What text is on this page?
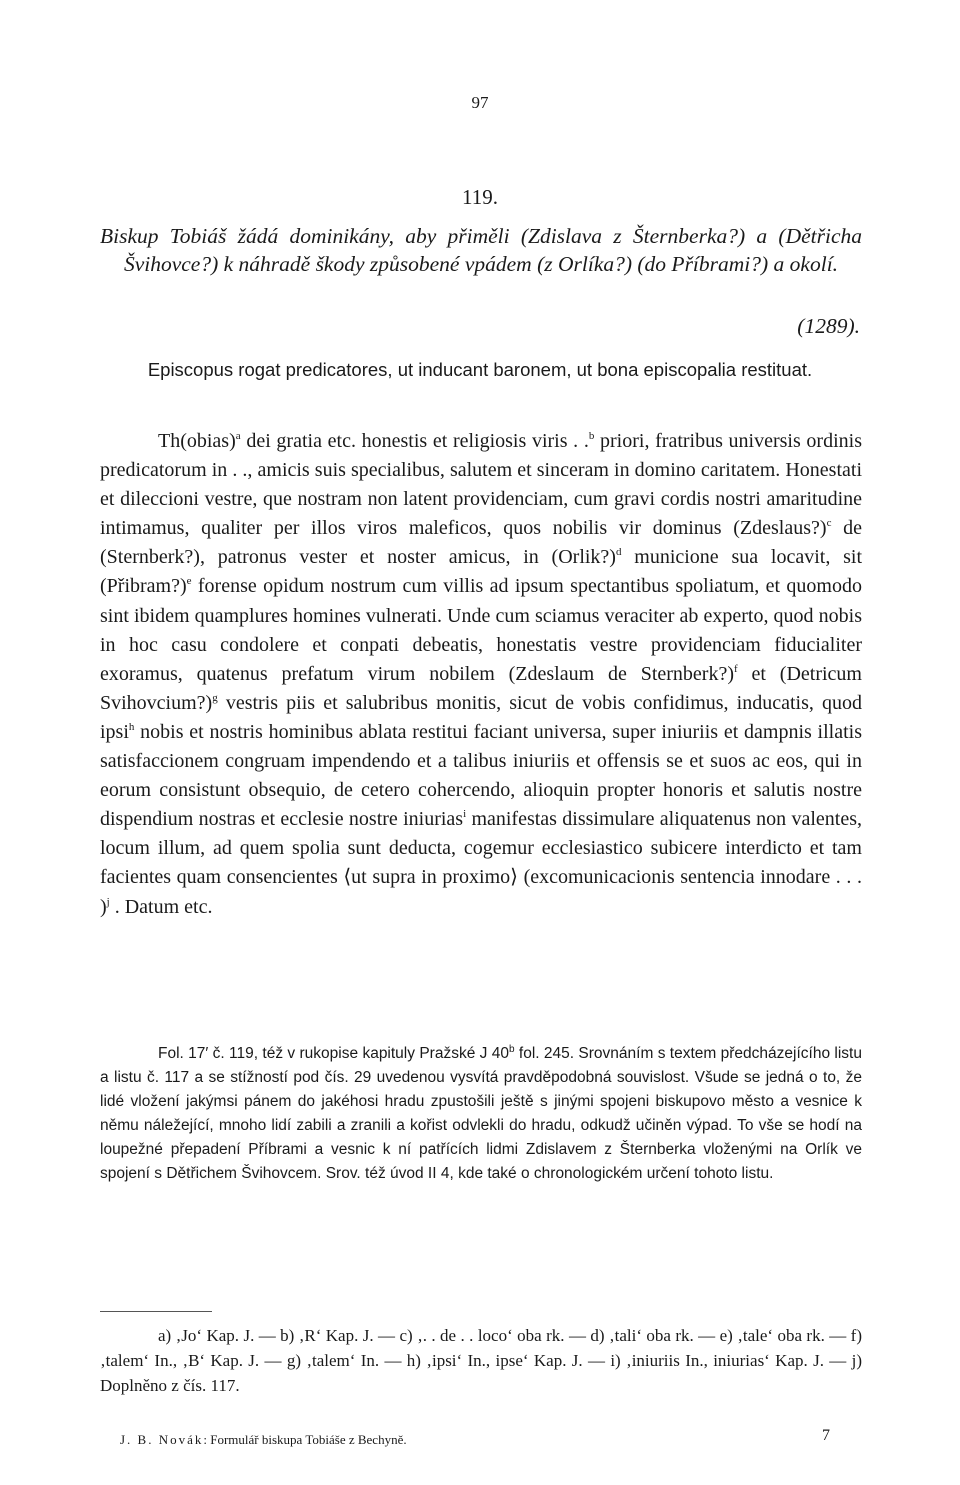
97
119.
Biskup Tobiáš žádá dominikány, aby přiměli (Zdislava z Šternberka?) a (Dětřicha Švihovce?) k náhradě škody způsobené vpádem (z Orlíka?) (do Příbrami?) a okolí.
(1289).
Episcopus rogat predicatores, ut inducant baronem, ut bona episcopalia restituat.

Th(obias)$^a$ dei gratia etc. honestis et religiosis viris . .$^b$ priori, fratribus universis ordinis predicatorum in . ., amicis suis specialibus, salutem et sinceram in domino caritatem. Honestati et dileccioni vestre, que nostram non latent providenciam, cum gravi cordis nostri amaritudine intimamus, qualiter per illos viros maleficos, quos nobilis vir dominus (Zdeslaus?)$^c$ de (Sternberk?), patronus vester et noster amicus, in (Orlik?)$^d$ municione sua locavit, sit (Přibram?)$^e$ forense opidum nostrum cum villis ad ipsum spectantibus spoliatum, et quomodo sint ibidem quamplures homines vulnerati. Unde cum sciamus veraciter ab experto, quod nobis in hoc casu condolere et conpati debeatis, honestatis vestre providenciam fiducialiter exoramus, quatenus prefatum virum nobilem (Zdeslaum de Sternberk?)$^f$ et (Detricum Svihovcium?)$^g$ vestris piis et salubribus monitis, sicut de vobis confidimus, inducatis, quod ipsi$^h$ nobis et nostris hominibus ablata restitui faciant universa, super iniuriis et dampnis illatis satisfaccionem congruam impendendo et a talibus iniuriis et offensis se et suos ac eos, qui in eorum consistunt obsequio, de cetero cohercendo, alioquin propter honoris et salutis nostre dispendium nostras et ecclesie nostre iniurias$^i$ manifestas dissimulare aliquatenus non valentes, locum illum, ad quem spolia sunt deducta, cogemur ecclesiastico subicere interdicto et tam facientes quam consencientes ⟨ut supra in proximo⟩ (excomunicacionis sentencia innodare . . . )$^j$ . Datum etc.

Fol. 17′ č. 119, též v rukopise kapituly Pražské J 40$^b$ fol. 245. Srovnáním s textem předcházejícího listu a listu č. 117 a se stížností pod čís. 29 uvedenou vysvítá pravděpodobná souvislost. Všude se jedná o to, že lidé vložení jakýmsi pánem do jakéhosi hradu zpustošili ještě s jinými spojeni biskupovo město a vesnice k němu náležející, mnoho lidí zabili a zranili a kořist odvlekli do hradu, odkudž učiněn výpad. To vše se hodí na loupežné přepadení Příbrami a vesnic k ní patřících lidmi Zdislavem z Šternberka vloženými na Orlík ve spojení s Dětřichem Švihovcem. Srov. též úvod II 4, kde také o chronologickém určení tohoto listu.

a) ‚Jo‘ Kap. J. — b) ‚R‘ Kap. J. — c) ‚. . de . . loco‘ oba rk. — d) ‚tali‘ oba rk. — e) ‚tale‘ oba rk. — f) ‚talem‘ In., ‚B‘ Kap. J. — g) ‚talem‘ In. — h) ‚ipsi‘ In., ipse‘ Kap. J. — i) ‚iniuriis In., iniurias‘ Kap. J. — j) Doplněno z čís. 117.

J. B. Novák: Formulář biskupa Tobiáše z Bechyně.	7
